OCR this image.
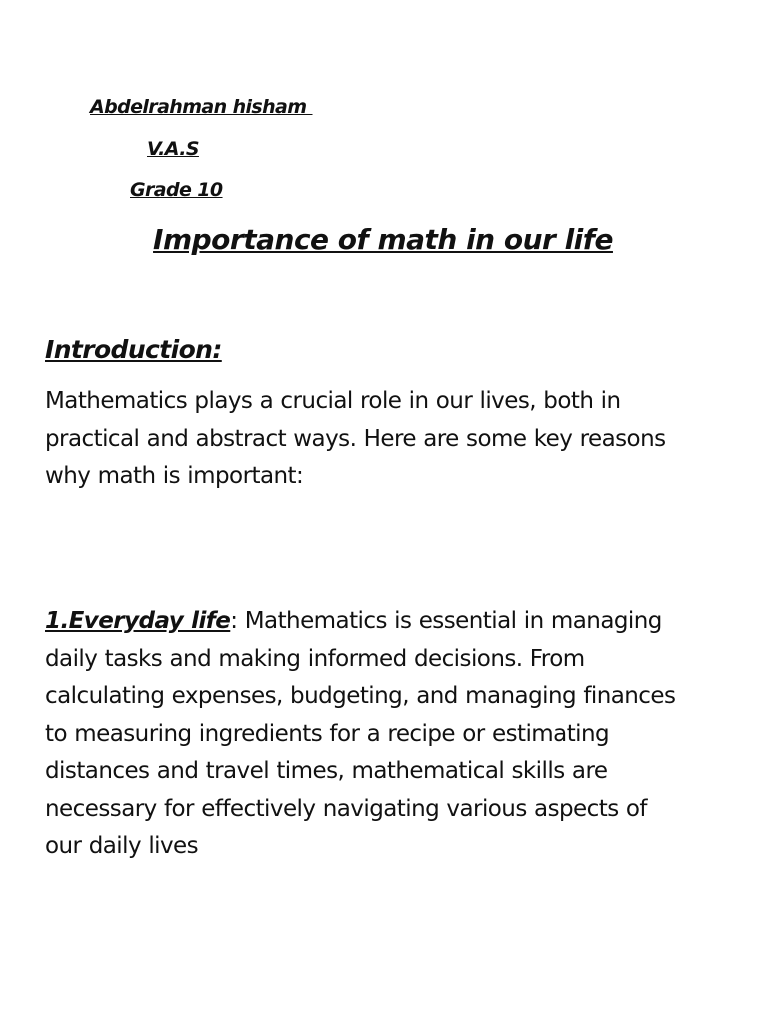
Abdelrahman hisham
V.A.S
Grade 10
Importance of math in our life
Introduction:
Mathematics plays a crucial role in our lives, both in practical and abstract ways. Here are some key reasons why math is important:
1.Everyday life: Mathematics is essential in managing daily tasks and making informed decisions. From calculating expenses, budgeting, and managing finances to measuring ingredients for a recipe or estimating distances and travel times, mathematical skills are necessary for effectively navigating various aspects of our daily lives
